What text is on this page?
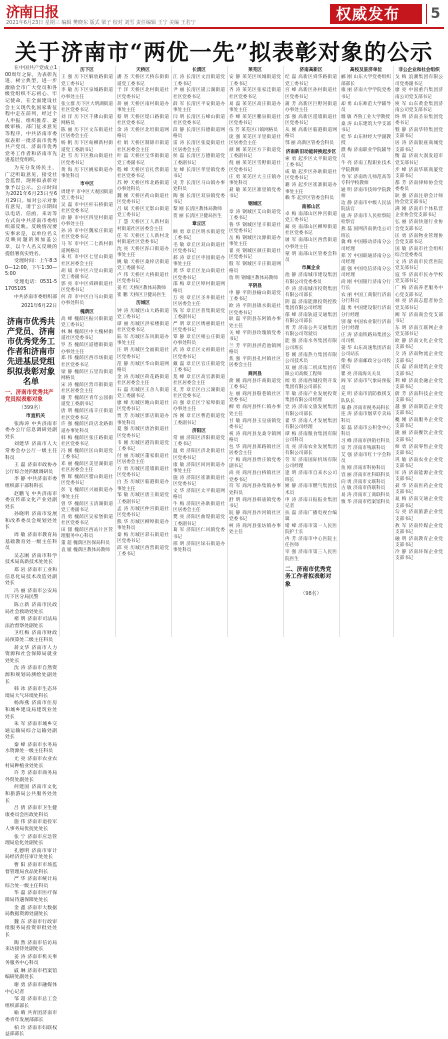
济南日报
2021年6月23日 星期三 编辑 樊晓东 版式 梁子 校对 刘雪 责任编辑 王宁 美编 王若宁	权威发布	5
关于济南市“两优一先”拟表彰对象的公示

在中国共产党成立100周年之际，为表彰先进、树立典型，进一步激励全市广大党员和各级党组织不忘初心、牢记使命，在全面建设社会主义现代化国家新征程中走在前列，经过个人申报、组织推荐、逐级审核、部门征求意见等程序，中共济南市委拟表彰一批济南市优秀共产党员、济南市优秀党务工作者和济南市先进基层党组织。

为充分发扬民主，广泛听取意见，接受社会监督，现将拟表彰对象予以公示。公示时间为2021年6月23日至6月29日。如对公示对象有意见，请于公示期间以电话、信函、来访等方式向中共济南市委组织部反映。反映情况要实事求是，以单位名义反映问题的须加盖公章，以个人名义反映的提倡署真实姓名。

受理时间：上午8:30—12:00，下午1:30—5:00

受理电话：0531-51705105

中共济南市委组织部
2021年6月22日
济南市优秀共产党员、济南市优秀党务工作者和济南市先进基层党组织拟表彰对象名单
一、济南市优秀共产党员拟表彰对象
（399名）

市直机关

张海涛 中共济南市委办公厅信息调研处副处长

刘建华 济南市人大常委会办公厅一级主任科员

王 磊 济南市政协办公厅综合处四级调研员

李 静 中共济南市委组织部干部科科长

赵鹏飞 中共济南市委宣传部文化产业处副处长

孙晓明 济南市发展和改革委员会规划处处长

周 敏 济南市教育局基础教育处一级主任科员

吴志刚 济南市科学技术局高新技术处处长

郑 岩 济南市工业和信息化局技术改造处副处长

冯 丽 济南市公安局历下区分局民警

陈立新 济南市民政局社会救助处处长

褚 明 济南市司法局法治督察处副处长

卫红梅 济南市财政局预算处二级主任科员

蒋文华 济南市人力资源和社会保障局就业处处长

沈 涛 济南市自然资源和规划局测绘处副处长

韩 冰 济南市生态环境局大气环境处科长

杨海燕 济南市住房和城乡建设局建筑业处处长

朱 军 济南市城乡交通运输局综合运输处副处长

秦 峰 济南市水务局水资源处一级主任科员

尤 亮 济南市农业农村局种植业处处长

许 芳 济南市商务局外贸处副处长

何建国 济南市文化和旅游局公共服务处处长

吕 倩 济南市卫生健康委员会医政处科员

施 伟 济南市退役军人事务局优抚处处长

张 宁 济南市应急管理局危化处副处长

孔德明 济南市审计局经济责任审计处处长

曹 阳 济南市市场监督管理局食品处科长

严 华 济南市统计局综合处一级主任科员

华 磊 济南市医疗保障局待遇保障处处长

金 鑫 济南市大数据局数据资源处副处长

魏 东 济南市行政审批服务局投资审批处处长

陶 然 济南市信访局来访接待处副处长

姜 涛 济南市机关事务服务中心科员

戚 琳 济南市档案馆编研处副处长

谢 勇 济南市融媒体中心记者

邹 超 济南市总工会组织部部长

喻 晴 共青团济南市委青年发展部部长

柏 玲 济南市妇联权益部部长

历下区

王 强 历下区解放路街道党工委书记

李 敏 历下区泉城路街道办事处主任

张立群 历下区大明湖街道社区党委书记

刘 洋 历下区千佛山街道网格员

陈 丽 历下区文东街道社区居委会主任

杨 帆 历下区甸柳新村街道党工委副书记

赵 雪 历下区燕山街道社区党委书记

黄 海 历下区姚家街道办事处科员

市中区

周建平 市中区大观园街道党工委书记

吴 磊 市中区杆石桥街道社区党委书记

徐 静 市中区四里村街道办事处主任

孙 涛 市中区魏家庄街道社区党委书记

马 军 市中区二七新村街道网格员

朱 红 市中区七里山街道社区居委会主任

胡 斌 市中区六里山街道党工委副书记

郭 亮 市中区舜耕街道社区党委书记

何 萍 市中区白马山街道办事处科员

槐荫区

高 峰 槐荫区振兴街街道党工委书记

林 琳 槐荫区中大槐树街道社区党委书记

罗 杰 槐荫区道德街街道办事处主任

郑 伟 槐荫区西市场街道社区党委书记

梁 静 槐荫区五里沟街道网格员

宋 涛 槐荫区营市街街道社区居委会主任

谢 芳 槐荫区青年公园街道党工委副书记

唐 明 槐荫区南辛庄街道社区党委书记

许 强 槐荫区段店北路街道办事处科员

韩 梅 槐荫区张庄路街道社区党委书记

冯 刚 槐荫区匡山街道党工委书记

邓 丽 槐荫区美里湖街道社区居委会主任

曹 辉 槐荫区腊山街道社区党委书记

彭 飞 槐荫区兴福街道办事处主任

曾 华 槐荫区玉清湖街道党工委副书记

肖 勇 槐荫区吴家堡街道社区党委书记

田 甜 槐荫区西站片区管理服务中心科员

董 超 槐荫区医保局科员

袁 媛 槐荫区教体局教师

天桥区

潘 杰 天桥区天桥东街街道党工委书记

于 洋 天桥区北村街道社区党委书记

蒋 丽 天桥区南村街道办事处主任

蔡 明 天桥区堤口路街道社区党委书记

余 涛 天桥区北坦街道网格员

杜 娟 天桥区制锦市街道社区居委会主任

叶 磊 天桥区宝华街街道党工委副书记

程 峰 天桥区官扎营街道社区党委书记

苏 婷 天桥区纬北路街道办事处科员

魏 刚 天桥区药山街道社区党委书记

吕 斌 天桥区无影山街道党工委书记

丁 慧 天桥区工人新村南村街道社区居委会主任

任 军 天桥区工人新村北村街道社区党委书记

沈 亮 天桥区泺口街道办事处主任

姚 敏 天桥区桑梓店街道党工委副书记

卢 伟 天桥区大桥街道社区党委书记

姜 红 天桥区教体局教师

崔 鹏 天桥区卫健局医生

历城区

钟 涛 历城区山大路街道党工委书记

谭 丽 历城区洪家楼街道社区党委书记

陆 军 历城区东风街道办事处主任

汪 明 历城区全福街道社区党委书记

范 静 历城区华山街道网格员

金 涛 历城区荷花路街道社区居委会主任

石 磊 历城区王舍人街道党工委副书记

廖 峰 历城区鲍山街道社区党委书记

贾 芳 历城区郭店街道办事处科员

夏 强 历城区唐冶街道社区党委书记

韦 刚 历城区港沟街道党工委书记

付 丽 历城区董家街道社区居委会主任

方 勇 历城区遥墙街道社区党委书记

白 杰 历城区临港街道办事处主任

邹 敏 历城区唐王街道党工委副书记

孟 涛 历城区仲宫街道社区党委书记

熊 华 历城区柳埠街道办事处科员

秦 梅 历城区彩石街道社区党委书记

邱 亮 历城区西营街道党工委书记

长清区

江 涛 长清区文昌街道党工委书记

尹 丽 长清区崮云湖街道社区党委书记

薛 军 长清区平安街道办事处主任

闫 明 长清区五峰山街道社区党委书记

段 静 长清区归德街道网格员

雷 涛 长清区张夏街道社区居委会主任

侯 磊 长清区万德街道党工委副书记

龙 峰 长清区孝里镇党委书记

史 芳 长清区马山镇办事处科员

陶 强 长清区双泉镇党委书记

黎 刚 长清区教体局教师

贺 丽 长清区卫健局医生

章丘区

顾 勇 章丘区明水街道党工委书记

毛 敏 章丘区双山街道社区党委书记

郝 涛 章丘区枣园街道办事处主任

龚 华 章丘区龙山街道社区党委书记

邵 梅 章丘区埠村街道网格员

万 亮 章丘区圣井街道社区居委会主任

钱 军 章丘区普集街道党工委副书记

严 明 章丘区绣惠街道社区党委书记

覃 静 章丘区相公庄街道办事处科员

武 涛 章丘区文祖街道社区党委书记

戴 磊 章丘区官庄街道党工委书记

莫 峰 章丘区高官寨街道社区居委会主任

孔 芳 章丘区白云湖街道社区党委书记

向 强 章丘区宁家埠街道办事处主任

汤 刚 章丘区曹范街道党工委副书记

济阳区

常 丽 济阳区济阳街道党工委书记

温 勇 济阳区济北街道社区党委书记

康 敏 济阳区回河街道办事处主任

施 涛 济阳区崔寨街道社区党委书记

文 华 济阳区太平街道网格员

牛 梅 济阳区孙耿街道社区居委会主任

樊 亮 济阳区曲堤街道党工委副书记

葛 军 济阳区仁风镇党委书记

邢 明 济阳区垛石街道办事处科员

莱芜区

安 静 莱芜区凤城街道党工委书记

齐 涛 莱芜区张家洼街道社区党委书记

易 磊 莱芜区高庄街道办事处主任

乔 峰 莱芜区鹏泉街道社区党委书记

伍 芳 莱芜区口镇网格员

庞 强 莱芜区羊里街道社区居委会主任

颜 刚 莱芜区方下街道党工委副书记

倪 丽 莱芜区雪野街道社区党委书记

庄 勇 莱芜区大王庄镇办事处科员

聂 敏 莱芜区寨里镇党委书记

钢城区

章 涛 钢城区艾山街道党工委书记

鲁 华 钢城区里辛街道社区党委书记

岳 梅 钢城区汶源街道办事处主任

翟 亮 钢城区颜庄街道社区党委书记

殷 军 钢城区辛庄街道网格员

詹 明 钢城区教体局教师

平阴县

申 静 平阴县榆山街道党工委书记

欧 涛 平阴县锦水街道社区党委书记

耿 磊 平阴县东阿镇办事处主任

关 峰 平阴县玫瑰镇党委书记

兰 芳 平阴县洪范池镇网格员

焦 强 平阴县孔村镇社区居委会主任

商河县

俞 刚 商河县许商街道党工委书记

左 丽 商河县殷巷镇社区党委书记

柳 勇 商河县怀仁镇办事处主任

甘 敏 商河县玉皇庙镇党委书记

祝 涛 商河县龙桑寺镇网格员

包 华 商河县郑路镇社区居委会主任

宁 梅 商河县贾庄镇党委副书记

尚 亮 商河县白桥镇社区党委书记

符 军 商河县孙集镇办事处科员

舒 明 商河县韩庙镇党委书记

阮 静 商河县沙河镇社区党委书记

柯 涛 商河县张坊镇办事处主任

济南高新区

纪 磊 高新区舜华路街道党工委书记

宫 峰 高新区孙村街道社区党委书记

蒲 芳 高新区巨野河街道办事处主任

邰 强 高新区遥墙街道社区党委书记

从 刚 高新区临港街道网格员

鄂 丽 高新区管委会科员

济南新旧动能转换起步区

索 勇 起步区太平街道党工委书记

咸 敏 起步区孙耿街道社区党委书记

籍 涛 起步区崔寨街道办事处主任

赖 华 起步区管委会科员

南部山区

卓 梅 南部山区仲宫街道党工委书记

蔺 亮 南部山区柳埠街道社区党委书记

屠 军 南部山区西营街道办事处主任

蒙 明 南部山区管委会科员

市属企业

池 静 济南城市建设集团有限公司党委委员

乔 涛 济南城市投资集团有限公司部长

阴 磊 济南能源投资控股集团有限公司经理

郁 峰 济南轨道交通集团有限公司部长

胥 芳 济南公共交通集团有限公司驾驶员

能 强 济南水务集团有限公司班长

苍 刚 济南热力集团有限公司技术员

双 丽 济南二机床集团有限公司高级工程师

闻 勇 济南西城投资开发集团有限公司部长

莘 敏 济南产业发展投资集团有限公司经理

党 涛 济南文旅发展集团有限公司部长

翟 华 济南人才发展集团有限公司经理

谭 梅 济南粮食集团有限公司科员

贡 亮 济南农业发展集团有限公司部长

劳 军 济南国际机场有限公司经理

逄 明 济南市自来水公司班长

姬 静 济南市燃气集团技术员

申 涛 济南日报报业集团记者

扶 磊 济南广播电视台编辑

堵 峰 济南市第一人民医院护士长

冉 芳 济南市中心医院主任医师

宰 强 济南市第三人民医院医生

二、济南市优秀党务工作者拟表彰对象
（98名）

高校及驻济单位

郦 刚 山东大学党委组织部部长

雍 丽 济南大学学院党委书记

却 勇 山东师范大学辅导员

璩 敏 齐鲁工业大学教授

桑 涛 山东建筑大学支部书记

桂 华 山东财经大学副教授

濮 梅 济南职业学院辅导员

牛 亮 济南工程职业技术学院教师

寿 军 济南幼儿师范高等专科学校教师

通 明 济南市技师学院教师

边 静 济南市中级人民法院法官

扈 涛 济南市人民检察院检察官

燕 磊 国网济南供电公司班长

冀 峰 中国移动济南分公司经理

郏 芳 中国联通济南分公司经理

浦 强 中国电信济南分公司经理

尚 刚 中国银行济南分行行长

农 丽 中国工商银行济南分行科员

温 勇 中国建设银行济南分行经理

别 敏 中国农业银行济南分行经理

庄 涛 济南铁路局集团公司司机

晏 华 山东高速集团济南公司站长

柴 梅 济南邮政分公司投递员

瞿 亮 济南海关关员

阎 军 济南市气象局预报员

充 明 济南市消防救援支队队长

慕 静 济南市税务局科长

连 涛 济南市烟草专卖局科员

茹 磊 济南市公积金中心科员

习 峰 济南市供销社科员

宦 芳 济南市残联科员

艾 强 济南市红十字会科员

鱼 刚 济南市科协科员

容 丽 济南市社科联科员

向 勇 济南市文联科员

古 敏 济南市侨联科员

易 涛 济南市工商联科员

慎 华 济南市档案馆科员

非公企业和社会组织

戈 梅 浪潮集团有限公司党委副书记

廖 亮 中国重汽集团济南公司党支部书记

庾 军 山东黄金集团济南公司党支部书记

终 明 济南圣泉集团党委书记

暨 静 济南华特集团党支部书记

居 涛 济南银座商城党支部书记

衡 磊 济南大润发超市党支部书记

步 峰 济南华联商厦党支部书记

都 芳 济南律师协会党委委员

耿 强 济南注册会计师协会党支部书记

满 刚 济南市个体私营企业协会党支部书记

弘 丽 济南快递行业协会党支部书记

匡 勇 济南物业管理协会党支部书记

国 敏 济南市社会组织综合党委委员

文 涛 济南市民营医院党支部书记

寇 华 济南市民办学校党支部书记

广 梅 济南养老服务中心党支部书记

禄 亮 济南志愿者协会党支部书记

阙 军 济南商会党支部书记

东 明 济南互联网企业党支部书记

欧 静 济南文化企业党支部书记

殳 涛 济南物流企业党支部书记

沃 磊 济南建筑企业党支部书记

利 峰 济南金融企业党支部书记

蔚 芳 济南科技企业党支部书记

越 强 济南制造企业党支部书记

夔 刚 济南服务企业党支部书记

隆 丽 济南餐饮企业党支部书记

师 勇 济南零售企业党支部书记

巩 敏 济南农业企业党支部书记

厍 涛 济南能源企业党支部书记

聂 华 济南医药企业党支部书记

晁 梅 济南交通企业党支部书记

勾 亮 济南旅游企业党支部书记

敖 军 济南传媒企业党支部书记

融 明 济南教育企业党支部书记

冷 静 济南环保企业党支部书记
